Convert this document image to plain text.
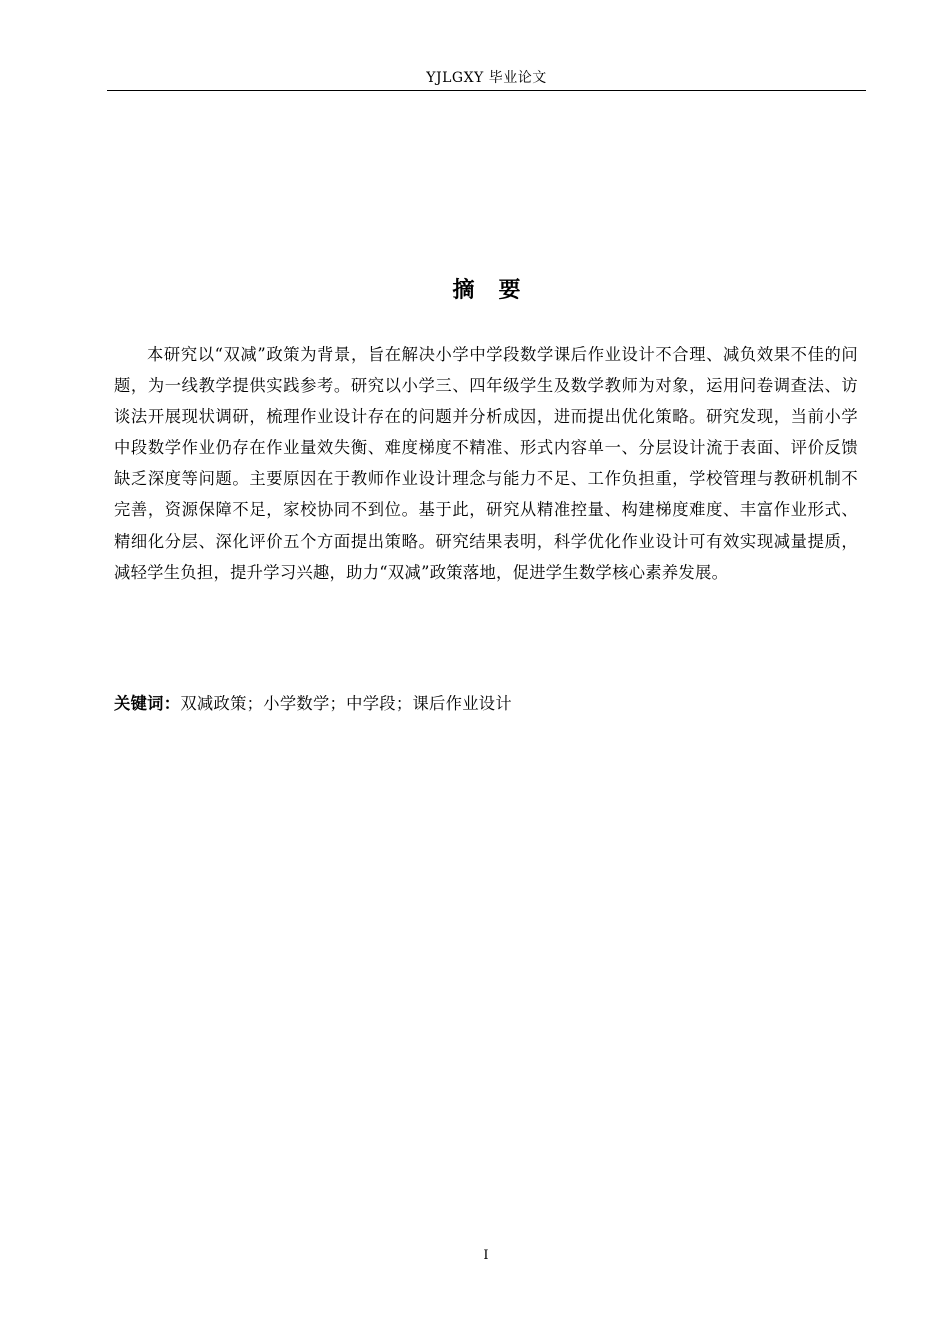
YJLGXY 毕业论文
摘要

本研究以“双减”政策为背景，旨在解决小学中学段数学课后作业设计不合理、减负效果不佳的问题，为一线教学提供实践参考。研究以小学三、四年级学生及数学教师为对象，运用问卷调查法、访谈法开展现状调研，梳理作业设计存在的问题并分析成因，进而提出优化策略。研究发现，当前小学中段数学作业仍存在作业量效失衡、难度梯度不精准、形式内容单一、分层设计流于表面、评价反馈缺乏深度等问题。主要原因在于教师作业设计理念与能力不足、工作负担重，学校管理与教研机制不完善，资源保障不足，家校协同不到位。基于此，研究从精准控量、构建梯度难度、丰富作业形式、精细化分层、深化评价五个方面提出策略。研究结果表明，科学优化作业设计可有效实现减量提质，减轻学生负担，提升学习兴趣，助力“双减”政策落地，促进学生数学核心素养发展。

关键词：双减政策；小学数学；中学段；课后作业设计
I
